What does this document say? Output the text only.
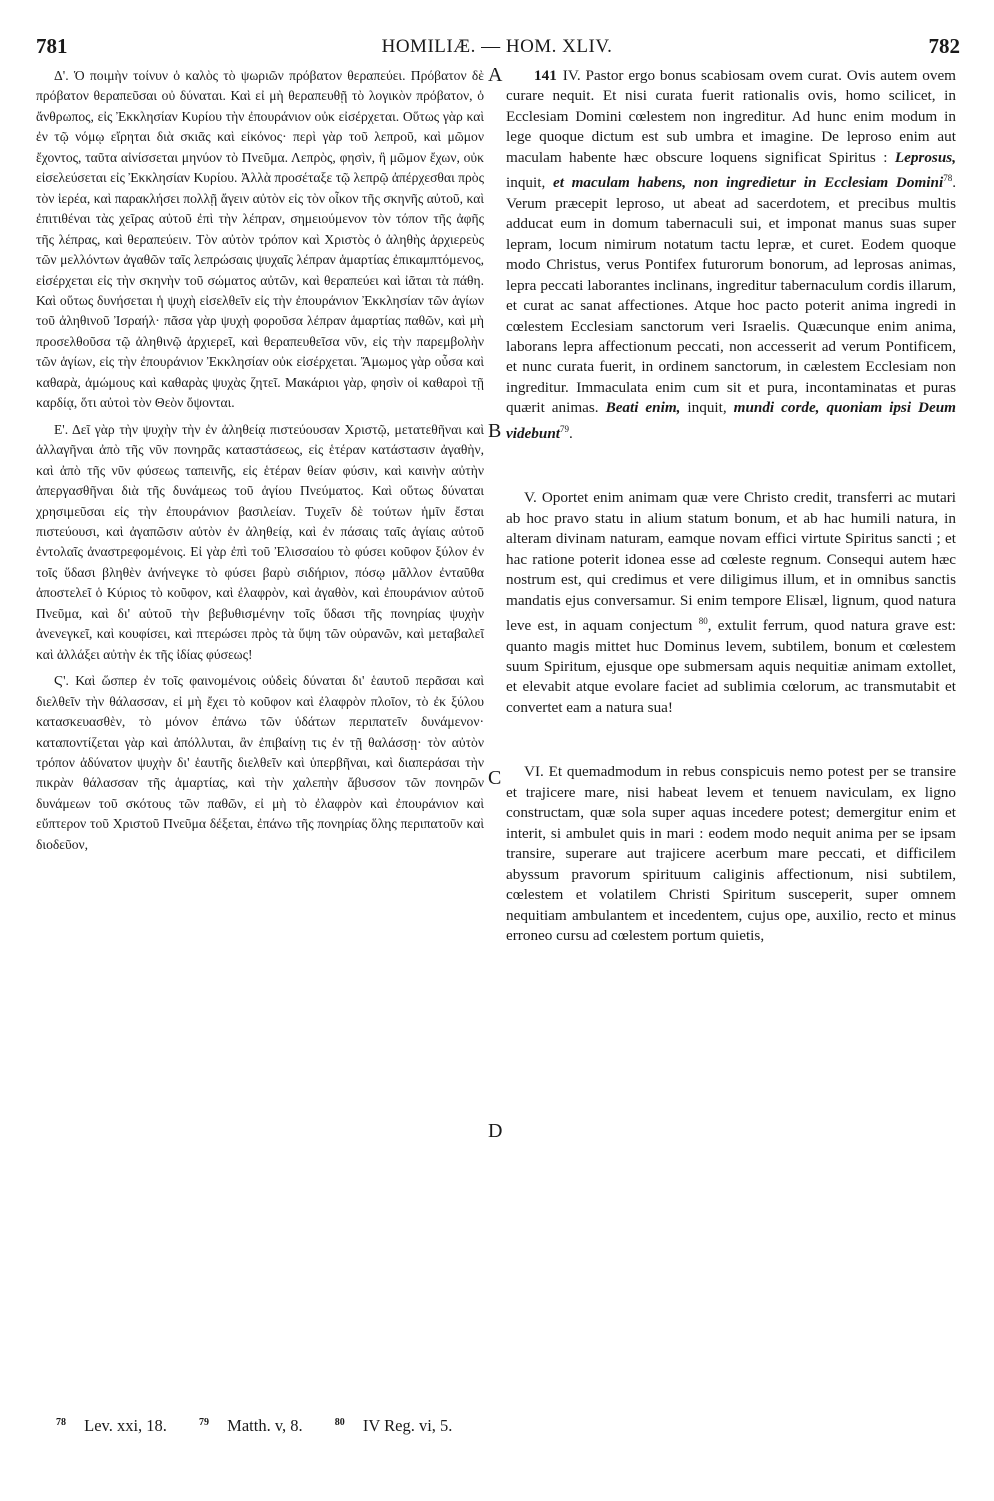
781	HOMILIÆ. — HOM. XLIV.	782
A
B
C
D

Δ'. Ὁ ποιμὴν τοίνυν ὁ καλὸς τὸ ψωριῶν πρόβατον θεραπεύει. Πρόβατον δὲ πρόβατον θεραπεῦσαι οὐ δύναται. Καὶ εἰ μὴ θεραπευθῇ τὸ λογικὸν πρόβατον, ὁ ἄνθρωπος, εἰς Ἐκκλησίαν Κυρίου τὴν ἐπουράνιον οὐκ εἰσέρχεται. Οὕτως γὰρ καὶ ἐν τῷ νόμῳ εἴρηται διὰ σκιᾶς καὶ εἰκόνος· περὶ γὰρ τοῦ λεπροῦ, καὶ μῶμον ἔχοντος, ταῦτα αἰνίσσεται μηνύον τὸ Πνεῦμα. Λεπρὸς, φησὶν, ἢ μῶμον ἔχων, οὐκ εἰσελεύσεται εἰς Ἐκκλησίαν Κυρίου. Ἀλλὰ προσέταξε τῷ λεπρῷ ἀπέρχεσθαι πρὸς τὸν ἱερέα, καὶ παρακλήσει πολλῇ ἄγειν αὐτὸν εἰς τὸν οἶκον τῆς σκηνῆς αὐτοῦ, καὶ ἐπιτιθέναι τὰς χεῖρας αὐτοῦ ἐπὶ τὴν λέπραν, σημειούμενον τὸν τόπον τῆς ἀφῆς τῆς λέπρας, καὶ θεραπεύειν. Τὸν αὐτὸν τρόπον καὶ Χριστὸς ὁ ἀληθὴς ἀρχιερεὺς τῶν μελλόντων ἀγαθῶν ταῖς λεπρώσαις ψυχαῖς λέπραν ἁμαρτίας ἐπικαμπτόμενος, εἰσέρχεται εἰς τὴν σκηνὴν τοῦ σώματος αὐτῶν, καὶ θεραπεύει καὶ ἰᾶται τὰ πάθη. Καὶ οὕτως δυνήσεται ἡ ψυχὴ εἰσελθεῖν εἰς τὴν ἐπουράνιον Ἐκκλησίαν τῶν ἁγίων τοῦ ἀληθινοῦ Ἰσραήλ· πᾶσα γὰρ ψυχὴ φοροῦσα λέπραν ἁμαρτίας παθῶν, καὶ μὴ προσελθοῦσα τῷ ἀληθινῷ ἀρχιερεῖ, καὶ θεραπευθεῖσα νῦν, εἰς τὴν παρεμβολὴν τῶν ἁγίων, εἰς τὴν ἐπουράνιον Ἐκκλησίαν οὐκ εἰσέρχεται. Ἄμωμος γὰρ οὖσα καὶ καθαρὰ, ἀμώμους καὶ καθαρὰς ψυχὰς ζητεῖ. Μακάριοι γὰρ, φησὶν οἱ καθαροὶ τῇ καρδίᾳ, ὅτι αὐτοὶ τὸν Θεὸν ὄψονται.

Ε'. Δεῖ γὰρ τὴν ψυχὴν τὴν ἐν ἀληθείᾳ πιστεύουσαν Χριστῷ, μετατεθῆναι καὶ ἀλλαγῆναι ἀπὸ τῆς νῦν πονηρᾶς καταστάσεως, εἰς ἑτέραν κατάστασιν ἀγαθὴν, καὶ ἀπὸ τῆς νῦν φύσεως ταπεινῆς, εἰς ἑτέραν θείαν φύσιν, καὶ καινὴν αὐτὴν ἀπεργασθῆναι διὰ τῆς δυνάμεως τοῦ ἁγίου Πνεύματος. Καὶ οὕτως δύναται χρησιμεῦσαι εἰς τὴν ἐπουράνιον βασιλείαν. Τυχεῖν δὲ τούτων ἡμῖν ἔσται πιστεύουσι, καὶ ἀγαπῶσιν αὐτὸν ἐν ἀληθείᾳ, καὶ ἐν πάσαις ταῖς ἁγίαις αὐτοῦ ἐντολαῖς ἀναστρεφομένοις. Εἰ γὰρ ἐπὶ τοῦ Ἐλισσαίου τὸ φύσει κοῦφον ξύλον ἐν τοῖς ὕδασι βληθὲν ἀνήνεγκε τὸ φύσει βαρὺ σιδήριον, πόσῳ μᾶλλον ἐνταῦθα ἀποστελεῖ ὁ Κύριος τὸ κοῦφον, καὶ ἐλαφρὸν, καὶ ἀγαθὸν, καὶ ἐπουράνιον αὐτοῦ Πνεῦμα, καὶ δι' αὐτοῦ τὴν βεβυθισμένην τοῖς ὕδασι τῆς πονηρίας ψυχὴν ἀνενεγκεῖ, καὶ κουφίσει, καὶ πτερώσει πρὸς τὰ ὕψη τῶν οὐρανῶν, καὶ μεταβαλεῖ καὶ ἀλλάξει αὐτὴν ἐκ τῆς ἰδίας φύσεως!

Ϛ'. Καὶ ὥσπερ ἐν τοῖς φαινομένοις οὐδεὶς δύναται δι' ἑαυτοῦ περᾶσαι καὶ διελθεῖν τὴν θάλασσαν, εἰ μὴ ἔχει τὸ κοῦφον καὶ ἐλαφρὸν πλοῖον, τὸ ἐκ ξύλου κατασκευασθὲν, τὸ μόνον ἐπάνω τῶν ὑδάτων περιπατεῖν δυνάμενον· καταποντίζεται γὰρ καὶ ἀπόλλυται, ἂν ἐπιβαίνῃ τις ἐν τῇ θαλάσσῃ· τὸν αὐτὸν τρόπον ἀδύνατον ψυχὴν δι' ἑαυτῆς διελθεῖν καὶ ὑπερβῆναι, καὶ διαπεράσαι τὴν πικρὰν θάλασσαν τῆς ἁμαρτίας, καὶ τὴν χαλεπὴν ἄβυσσον τῶν πονηρῶν δυνάμεων τοῦ σκότους τῶν παθῶν, εἰ μὴ τὸ ἐλαφρὸν καὶ ἐπουράνιον καὶ εὔπτερον τοῦ Χριστοῦ Πνεῦμα δέξεται, ἐπάνω τῆς πονηρίας ὅλης περιπατοῦν καὶ διοδεῦον,

141 IV. Pastor ergo bonus scabiosam ovem curat. Ovis autem ovem curare nequit. Et nisi curata fuerit rationalis ovis, homo scilicet, in Ecclesiam Domini cœlestem non ingreditur. Ad hunc enim modum in lege quoque dictum est sub umbra et imagine. De leproso enim aut maculam habente hæc obscure loquens significat Spiritus : Leprosus, inquit, et maculam habens, non ingredietur in Ecclesiam Domini$^{78}$. Verum præcepit leproso, ut abeat ad sacerdotem, et precibus multis adducat eum in domum tabernaculi sui, et imponat manus suas super lepram, locum nimirum notatum tactu lepræ, et curet. Eodem quoque modo Christus, verus Pontifex futurorum bonorum, ad leprosas animas, lepra peccati laborantes inclinans, ingreditur tabernaculum cordis illarum, et curat ac sanat affectiones. Atque hoc pacto poterit anima ingredi in cœlestem Ecclesiam sanctorum veri Israelis. Quæcunque enim anima, laborans lepra affectionum peccati, non accesserit ad verum Pontificem, et nunc curata fuerit, in ordinem sanctorum, in cælestem Ecclesiam non ingreditur. Immaculata enim cum sit et pura, incontaminatas et puras quærit animas. Beati enim, inquit, mundi corde, quoniam ipsi Deum videbunt$^{79}$.

V. Oportet enim animam quæ vere Christo credit, transferri ac mutari ab hoc pravo statu in alium statum bonum, et ab hac humili natura, in alteram divinam naturam, eamque novam effici virtute Spiritus sancti ; et hac ratione poterit idonea esse ad cœleste regnum. Consequi autem hæc nostrum est, qui credimus et vere diligimus illum, et in omnibus sanctis mandatis ejus conversamur. Si enim tempore Elisæl, lignum, quod natura leve est, in aquam conjectum $^{80}$, extulit ferrum, quod natura grave est: quanto magis mittet huc Dominus levem, subtilem, bonum et cœlestem suum Spiritum, ejusque ope submersam aquis nequitiæ animam extollet, et elevabit atque evolare faciet ad sublimia cœlorum, ac transmutabit et convertet eam a natura sua!

VI. Et quemadmodum in rebus conspicuis nemo potest per se transire et trajicere mare, nisi habeat levem et tenuem naviculam, ex ligno constructam, quæ sola super aquas incedere potest; demergitur enim et interit, si ambulet quis in mari : eodem modo nequit anima per se ipsam transire, superare aut trajicere acerbum mare peccati, et difficilem abyssum pravorum spirituum caliginis affectionum, nisi subtilem, cœlestem et volatilem Christi Spiritum susceperit, super omnem nequitiam ambulantem et incedentem, cujus ope, auxilio, recto et minus erroneo cursu ad cœlestem portum quietis,

$^{78}$ Lev. xxi, 18.	$^{79}$ Matth. v, 8.	$^{80}$ IV Reg. vi, 5.
